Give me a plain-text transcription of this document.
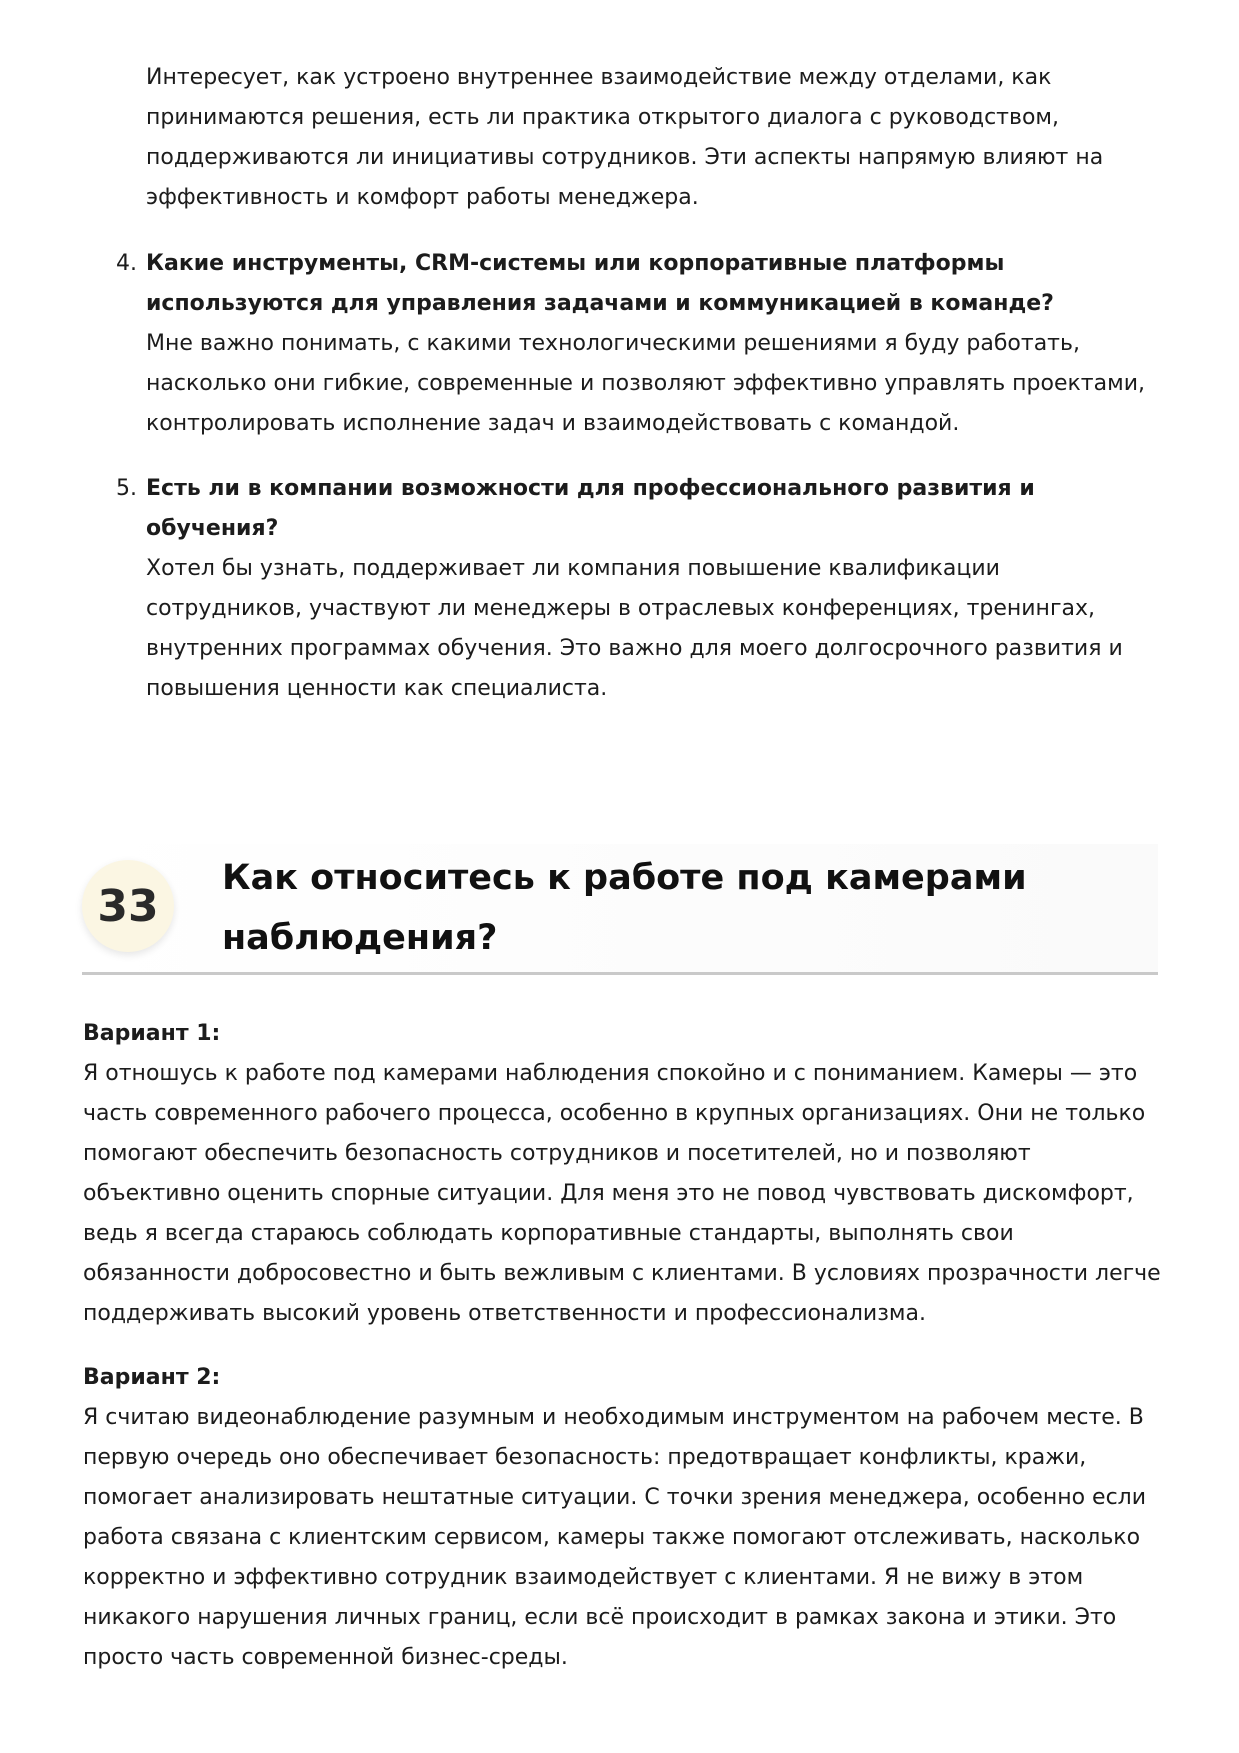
Интересует, как устроено внутреннее взаимодействие между отделами, как принимаются решения, есть ли практика открытого диалога с руководством, поддерживаются ли инициативы сотрудников. Эти аспекты напрямую влияют на эффективность и комфорт работы менеджера.

4. Какие инструменты, CRM-системы или корпоративные платформы используются для управления задачами и коммуникацией в команде?
Мне важно понимать, с какими технологическими решениями я буду работать, насколько они гибкие, современные и позволяют эффективно управлять проектами, контролировать исполнение задач и взаимодействовать с командой.
5. Есть ли в компании возможности для профессионального развития и обучения?
Хотел бы узнать, поддерживает ли компания повышение квалификации сотрудников, участвуют ли менеджеры в отраслевых конференциях, тренингах, внутренних программах обучения. Это важно для моего долгосрочного развития и повышения ценности как специалиста.
33
Как относитесь к работе под камерами наблюдения?
Вариант 1:
Я отношусь к работе под камерами наблюдения спокойно и с пониманием. Камеры — это часть современного рабочего процесса, особенно в крупных организациях. Они не только помогают обеспечить безопасность сотрудников и посетителей, но и позволяют объективно оценить спорные ситуации. Для меня это не повод чувствовать дискомфорт, ведь я всегда стараюсь соблюдать корпоративные стандарты, выполнять свои обязанности добросовестно и быть вежливым с клиентами. В условиях прозрачности легче поддерживать высокий уровень ответственности и профессионализма.
Вариант 2:
Я считаю видеонаблюдение разумным и необходимым инструментом на рабочем месте. В первую очередь оно обеспечивает безопасность: предотвращает конфликты, кражи, помогает анализировать нештатные ситуации. С точки зрения менеджера, особенно если работа связана с клиентским сервисом, камеры также помогают отслеживать, насколько корректно и эффективно сотрудник взаимодействует с клиентами. Я не вижу в этом никакого нарушения личных границ, если всё происходит в рамках закона и этики. Это просто часть современной бизнес-среды.
